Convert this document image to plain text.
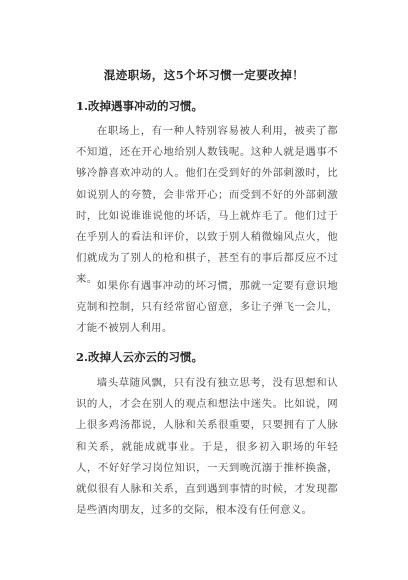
混迹职场，这5个坏习惯一定要改掉！
1.改掉遇事冲动的习惯。

在职场上，有一种人特别容易被人利用，被卖了都不知道，还在开心地给别人数钱呢。这种人就是遇事不够冷静喜欢冲动的人。他们在受到好的外部刺激时，比如说别人的夸赞，会非常开心；而受到不好的外部刺激时，比如说谁谁说他的坏话，马上就炸毛了。他们过于在乎别人的看法和评价，以致于别人稍微煽风点火，他们就成为了别人的枪和棋子，甚至有的事后都反应不过来。

如果你有遇事冲动的坏习惯，那就一定要有意识地克制和控制，只有经常留心留意，多让子弹飞一会儿，才能不被别人利用。

2.改掉人云亦云的习惯。

墙头草随风飘，只有没有独立思考，没有思想和认识的人，才会在别人的观点和想法中迷失。比如说，网上很多鸡汤都说，人脉和关系很重要，只要拥有了人脉和关系，就能成就事业。于是，很多初入职场的年轻人，不好好学习岗位知识，一天到晚沉溺于推杯换盏，就似很有人脉和关系，直到遇到事情的时候，才发现都是些酒肉朋友，过多的交际，根本没有任何意义。
